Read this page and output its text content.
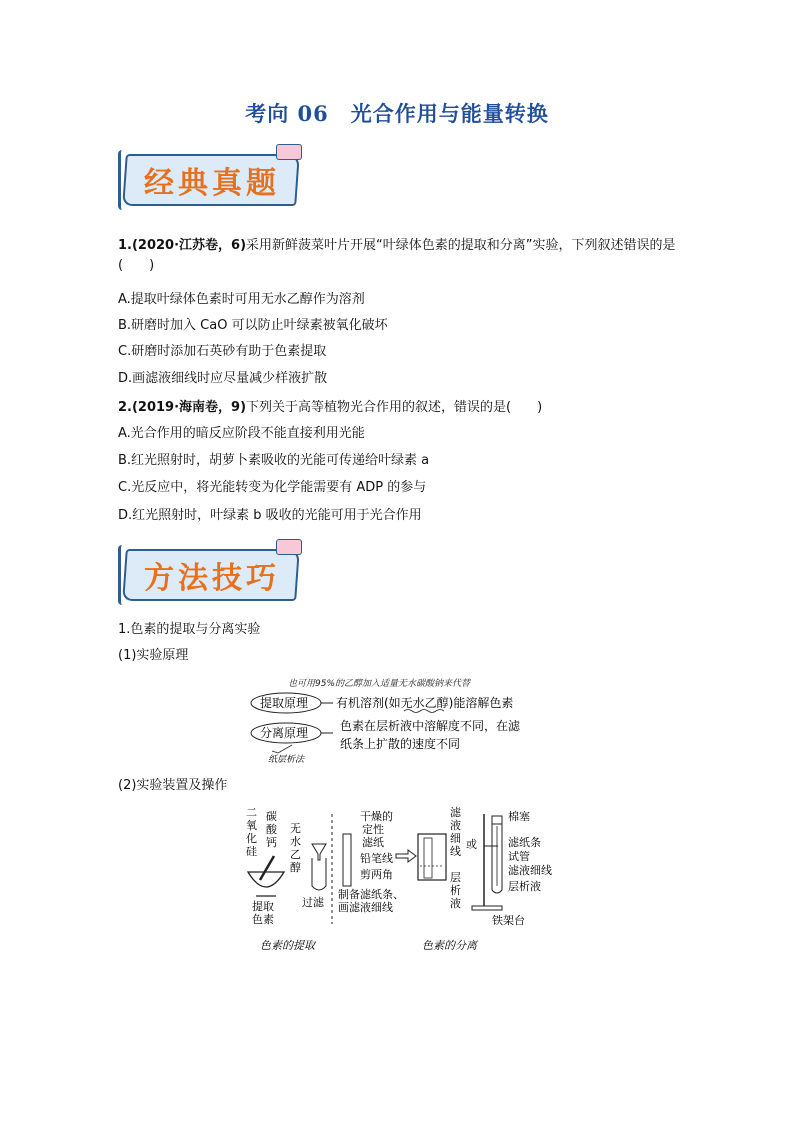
考向 06　光合作用与能量转换
经典真题
1.(2020·江苏卷，6)采用新鲜菠菜叶片开展“叶绿体色素的提取和分离”实验，下列叙述错误的是(　　)
A.提取叶绿体色素时可用无水乙醇作为溶剂
B.研磨时加入 CaO 可以防止叶绿素被氧化破坏
C.研磨时添加石英砂有助于色素提取
D.画滤液细线时应尽量减少样液扩散
2.(2019·海南卷，9)下列关于高等植物光合作用的叙述，错误的是(　　)
A.光合作用的暗反应阶段不能直接利用光能
B.红光照射时，胡萝卜素吸收的光能可传递给叶绿素 a
C.光反应中，将光能转变为化学能需要有 ADP 的参与
D.红光照射时，叶绿素 b 吸收的光能可用于光合作用
方法技巧
1.色素的提取与分离实验
(1)实验原理
也可用95%的乙醇加入适量无水碳酸钠来代替
提取原理 有机溶剂(如无水乙醇)能溶解色素
分离原理	色素在层析液中溶解度不同，在滤
纸条上扩散的速度不同
纸层析法
(2)实验装置及操作
二
氧
化
硅
碳
酸
钙
无
水
乙
醇
提取
色素
过滤
干燥的
定性
滤纸
铅笔线
剪两角
制备滤纸条、
画滤液细线
滤
液
细
线
层
析
液
或
棉塞
滤纸条
试管
滤液细线
层析液
铁架台
色素的提取	色素的分离
